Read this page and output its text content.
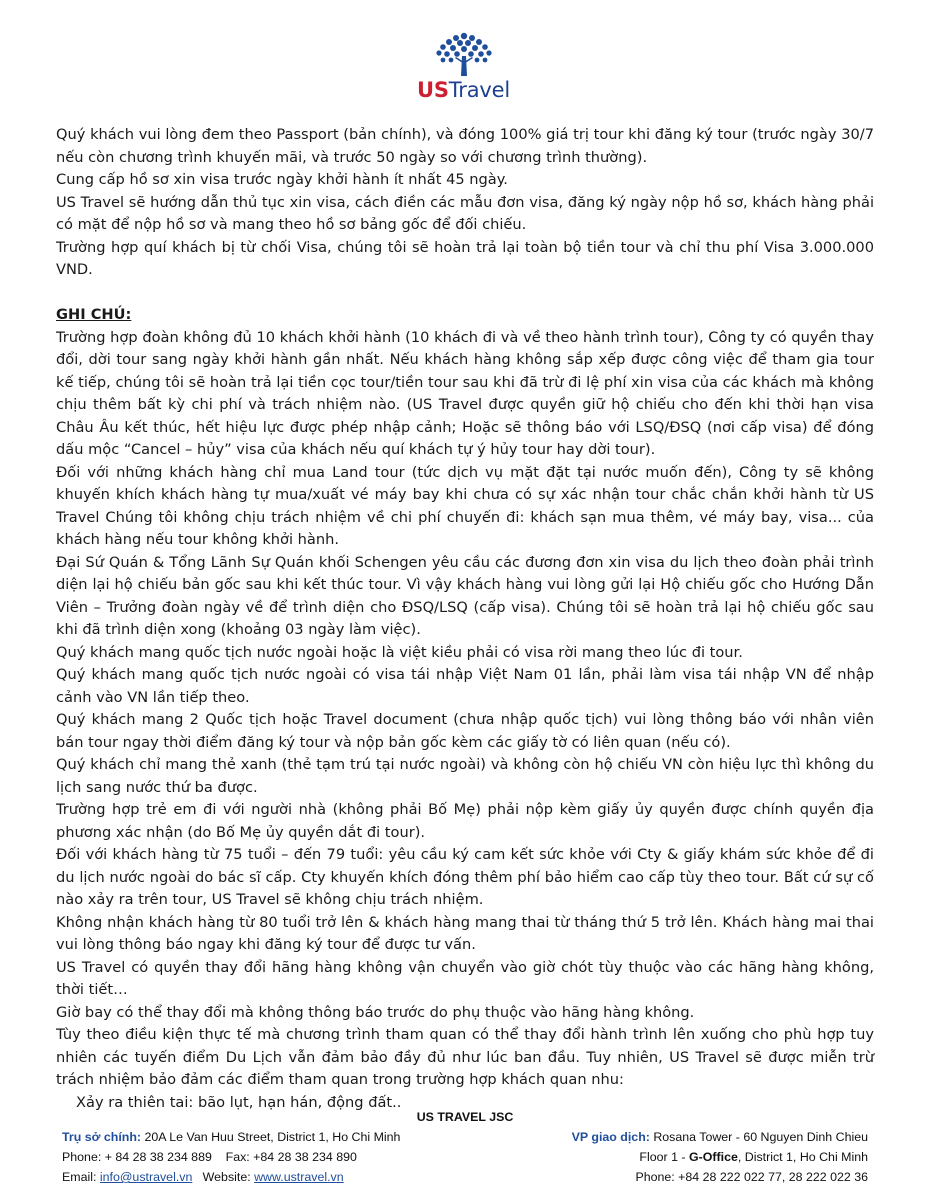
USTravel

Quý khách vui lòng đem theo Passport (bản chính), và đóng 100% giá trị tour khi đăng ký tour (trước ngày 30/7 nếu còn chương trình khuyến mãi, và trước 50 ngày so với chương trình thường).

Cung cấp hồ sơ xin visa trước ngày khởi hành ít nhất 45 ngày.

US Travel sẽ hướng dẫn thủ tục xin visa, cách điền các mẫu đơn visa, đăng ký ngày nộp hồ sơ, khách hàng phải có mặt để nộp hồ sơ và mang theo hồ sơ bảng gốc để đối chiếu.

Trường hợp quí khách bị từ chối Visa, chúng tôi sẽ hoàn trả lại toàn bộ tiền tour và chỉ thu phí Visa 3.000.000 VND.

GHI CHÚ:

Trường hợp đoàn không đủ 10 khách khởi hành (10 khách đi và về theo hành trình tour), Công ty có quyền thay đổi, dời tour sang ngày khởi hành gần nhất. Nếu khách hàng không sắp xếp được công việc để tham gia tour kế tiếp, chúng tôi sẽ hoàn trả lại tiền cọc tour/tiền tour sau khi đã trừ đi lệ phí xin visa của các khách mà không chịu thêm bất kỳ chi phí và trách nhiệm nào. (US Travel được quyền giữ hộ chiếu cho đến khi thời hạn visa Châu Âu kết thúc, hết hiệu lực được phép nhập cảnh; Hoặc sẽ thông báo với LSQ/ĐSQ (nơi cấp visa) để đóng dấu mộc “Cancel – hủy” visa của khách nếu quí khách tự ý hủy tour hay dời tour).

Đối với những khách hàng chỉ mua Land tour (tức dịch vụ mặt đặt tại nước muốn đến), Công ty sẽ không khuyến khích khách hàng tự mua/xuất vé máy bay khi chưa có sự xác nhận tour chắc chắn khởi hành từ US Travel Chúng tôi không chịu trách nhiệm về chi phí chuyến đi: khách sạn mua thêm, vé máy bay, visa... của khách hàng nếu tour không khởi hành.

Đại Sứ Quán & Tổng Lãnh Sự Quán khối Schengen yêu cầu các đương đơn xin visa du lịch theo đoàn phải trình diện lại hộ chiếu bản gốc sau khi kết thúc tour. Vì vậy khách hàng vui lòng gửi lại Hộ chiếu gốc cho Hướng Dẫn Viên – Trưởng đoàn ngày về để trình diện cho ĐSQ/LSQ (cấp visa). Chúng tôi sẽ hoàn trả lại hộ chiếu gốc sau khi đã trình diện xong (khoảng 03 ngày làm việc).

Quý khách mang quốc tịch nước ngoài hoặc là việt kiều phải có visa rời mang theo lúc đi tour.

Quý khách mang quốc tịch nước ngoài có visa tái nhập Việt Nam 01 lần, phải làm visa tái nhập VN để nhập cảnh vào VN lần tiếp theo.

Quý khách mang 2 Quốc tịch hoặc Travel document (chưa nhập quốc tịch) vui lòng thông báo với nhân viên bán tour ngay thời điểm đăng ký tour và nộp bản gốc kèm các giấy tờ có liên quan (nếu có).

Quý khách chỉ mang thẻ xanh (thẻ tạm trú tại nước ngoài) và không còn hộ chiếu VN còn hiệu lực thì không du lịch sang nước thứ ba được.

Trường hợp trẻ em đi với người nhà (không phải Bố Mẹ) phải nộp kèm giấy ủy quyền được chính quyền địa phương xác nhận (do Bố Mẹ ủy quyền dắt đi tour).

Đối với khách hàng từ 75 tuổi – đến 79 tuổi: yêu cầu ký cam kết sức khỏe với Cty & giấy khám sức khỏe để đi du lịch nước ngoài do bác sĩ cấp. Cty khuyến khích đóng thêm phí bảo hiểm cao cấp tùy theo tour. Bất cứ sự cố nào xảy ra trên tour, US Travel sẽ không chịu trách nhiệm.

Không nhận khách hàng từ 80 tuổi trở lên & khách hàng mang thai từ tháng thứ 5 trở lên. Khách hàng mai thai vui lòng thông báo ngay khi đăng ký tour để được tư vấn.

US Travel có quyền thay đổi hãng hàng không vận chuyển vào giờ chót tùy thuộc vào các hãng hàng không, thời tiết…

Giờ bay có thể thay đổi mà không thông báo trước do phụ thuộc vào hãng hàng không.

Tùy theo điều kiện thực tế mà chương trình tham quan có thể thay đổi hành trình lên xuống cho phù hợp tuy nhiên các tuyến điểm Du Lịch vẫn đảm bảo đầy đủ như lúc ban đầu. Tuy nhiên, US Travel sẽ được miễn trừ trách nhiệm bảo đảm các điểm tham quan trong trường hợp khách quan nhu:

Xảy ra thiên tai: bão lụt, hạn hán, động đất..

US TRAVEL JSC
Trụ sở chính: 20A Le Van Huu Street, District 1, Ho Chi Minh
Phone: + 84 28 38 234 889    Fax: +84 28 38 234 890
Email: info@ustravel.vn   Website: www.ustravel.vn
VP giao dịch: Rosana Tower - 60 Nguyen Dinh Chieu
Floor 1 - G-Office, District 1, Ho Chi Minh
Phone: +84 28 222 022 77, 28 222 022 36
